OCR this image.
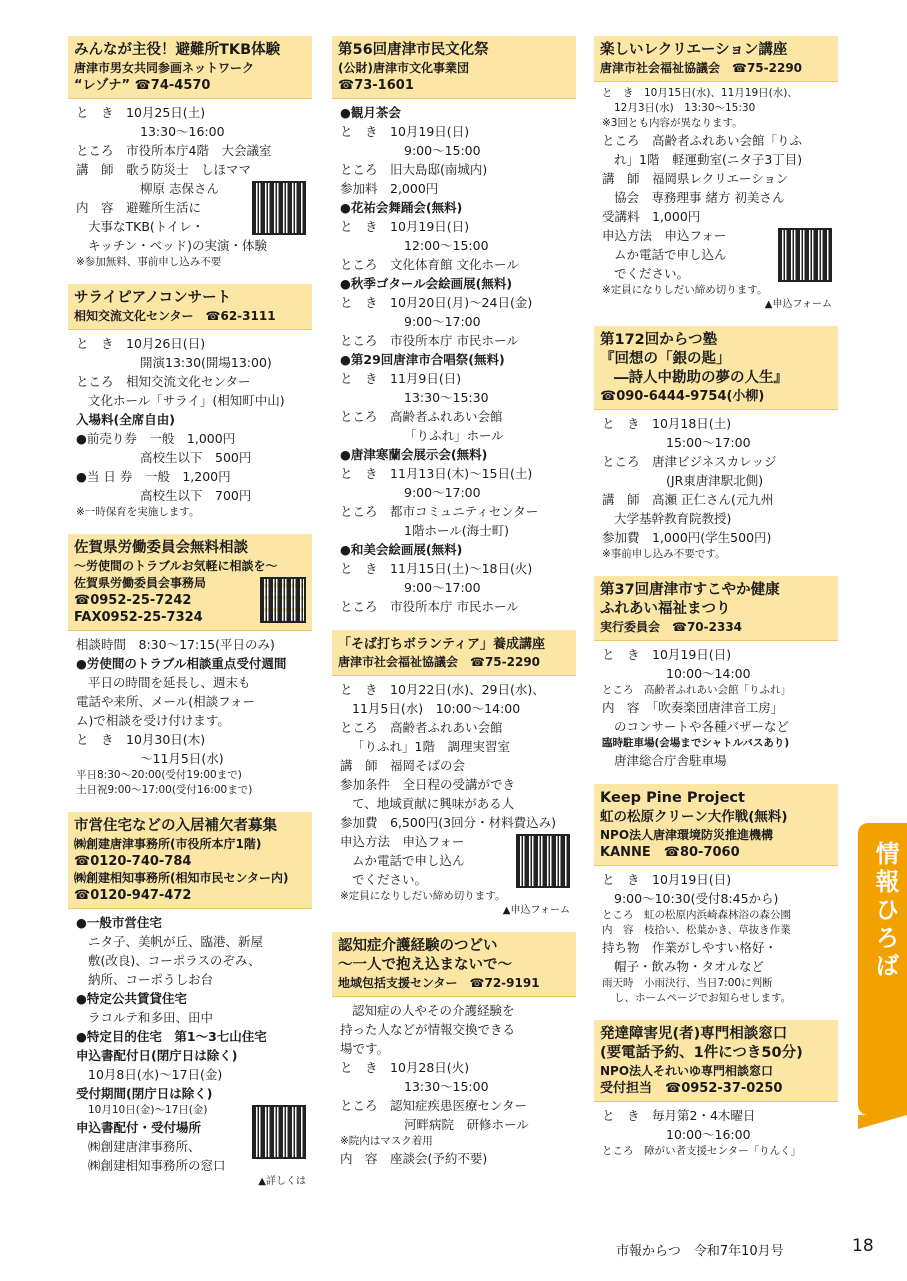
みんなが主役！避難所TKB体験
唐津市男女共同参画ネットワーク
“レゾナ” ☎74-4570
と　き　10月25日(土)
13:30～16:00
ところ　市役所本庁4階　大会議室
講　師　歌う防災士　しほママ
柳原 志保さん
内　容　避難所生活に
大事なTKB(トイレ・
キッチン・ベッド)の実演・体験
※参加無料、事前申し込み不要
サライピアノコンサート
相知交流文化センター　☎62-3111
と　き　10月26日(日)
開演13:30(開場13:00)
ところ　相知交流文化センター
文化ホール「サライ」(相知町中山)
入場料(全席自由)
●前売り券　一般　1,000円
高校生以下　500円
●当 日 券　一般　1,200円
高校生以下　700円
※一時保育を実施します。
佐賀県労働委員会無料相談
～労使間のトラブルお気軽に相談を～
佐賀県労働委員会事務局
☎0952-25-7242
FAX0952-25-7324
相談時間　8:30～17:15(平日のみ)
●労使間のトラブル相談重点受付週間
平日の時間を延長し、週末も
電話や来所、メール(相談フォー
ム)で相談を受け付けます。
と　き　10月30日(木)
～11月5日(水)
平日8:30～20:00(受付19:00まで)
土日祝9:00～17:00(受付16:00まで)
市営住宅などの入居補欠者募集
㈱創建唐津事務所(市役所本庁1階)
☎0120-740-784
㈱創建相知事務所(相知市民センター内)
☎0120-947-472
●一般市営住宅
ニタ子、美帆が丘、臨港、新屋
敷(改良)、コーポラスのぞみ、
納所、コーポうしお台
●特定公共賃貸住宅
ラコルテ和多田、田中
●特定目的住宅　第1～3七山住宅
申込書配付日(閉庁日は除く)
10月8日(水)～17日(金)
受付期間(閉庁日は除く)
10月10日(金)～17日(金)
申込書配付・受付場所
㈱創建唐津事務所、
㈱創建相知事務所の窓口
▲詳しくは
第56回唐津市民文化祭
(公財)唐津市文化事業団
☎73-1601
●観月茶会
と　き　10月19日(日)
9:00～15:00
ところ　旧大島邸(南城内)
参加料　2,000円
●花祐会舞踊会(無料)
と　き　10月19日(日)
12:00～15:00
ところ　文化体育館 文化ホール
●秋季ゴタール会絵画展(無料)
と　き　10月20日(月)～24日(金)
9:00～17:00
ところ　市役所本庁 市民ホール
●第29回唐津市合唱祭(無料)
と　き　11月9日(日)
13:30～15:30
ところ　高齢者ふれあい会館
「りふれ」ホール
●唐津寒蘭会展示会(無料)
と　き　11月13日(木)～15日(土)
9:00～17:00
ところ　都市コミュニティセンター
1階ホール(海士町)
●和美会絵画展(無料)
と　き　11月15日(土)～18日(火)
9:00～17:00
ところ　市役所本庁 市民ホール
「そば打ちボランティア」養成講座
唐津市社会福祉協議会　☎75-2290
と　き　10月22日(水)、29日(水)、
11月5日(水)　10:00～14:00
ところ　高齢者ふれあい会館
「りふれ」1階　調理実習室
講　師　福岡そばの会
参加条件　全日程の受講ができ
て、地域貢献に興味がある人
参加費　6,500円(3回分・材料費込み)
申込方法　申込フォー
ムか電話で申し込ん
でください。
※定員になりしだい締め切ります。
▲申込フォーム
認知症介護経験のつどい
～一人で抱え込まないで～
地域包括支援センター　☎72-9191
認知症の人やその介護経験を
持った人などが情報交換できる
場です。
と　き　10月28日(火)
13:30～15:00
ところ　認知症疾患医療センター
河畔病院　研修ホール
※院内はマスク着用
内　容　座談会(予約不要)
楽しいレクリエーション講座
唐津市社会福祉協議会　☎75-2290
と　き　10月15日(水)、11月19日(水)、
12月3日(水)　13:30～15:30
※3回とも内容が異なります。
ところ　高齢者ふれあい会館「りふ
れ」1階　軽運動室(ニタ子3丁目)
講　師　福岡県レクリエーション
協会　専務理事 緒方 初美さん
受講料　1,000円
申込方法　申込フォー
ムか電話で申し込ん
でください。
※定員になりしだい締め切ります。
▲申込フォーム
第172回からつ塾
『回想の「銀の匙」
―詩人中勘助の夢の人生』
☎090-6444-9754(小柳)
と　き　10月18日(土)
15:00～17:00
ところ　唐津ビジネスカレッジ
(JR東唐津駅北側)
講　師　高瀬 正仁さん(元九州
大学基幹教育院教授)
参加費　1,000円(学生500円)
※事前申し込み不要です。
第37回唐津市すこやか健康
ふれあい福祉まつり
実行委員会　☎70-2334
と　き　10月19日(日)
10:00～14:00
ところ　高齢者ふれあい会館「りふれ」
内　容　「吹奏楽団唐津音工房」
のコンサートや各種バザーなど
臨時駐車場(会場までシャトルバスあり)
唐津総合庁舎駐車場
Keep Pine Project
虹の松原クリーン大作戦(無料)
NPO法人唐津環境防災推進機構
KANNE　☎80-7060
と　き　10月19日(日)
9:00～10:30(受付8:45から)
ところ　虹の松原内浜崎森林浴の森公園
内　容　枝拾い、松葉かき、草抜き作業
持ち物　作業がしやすい格好・
帽子・飲み物・タオルなど
雨天時　小雨決行、当日7:00に判断
し、ホームページでお知らせします。
発達障害児(者)専門相談窓口
(要電話予約、1件につき50分)
NPO法人それいゆ専門相談窓口
受付担当　☎0952-37-0250
と　き　毎月第2・4木曜日
10:00～16:00
ところ　障がい者支援センター「りんく」
情報ひろば
市報からつ　令和7年10月号	18
